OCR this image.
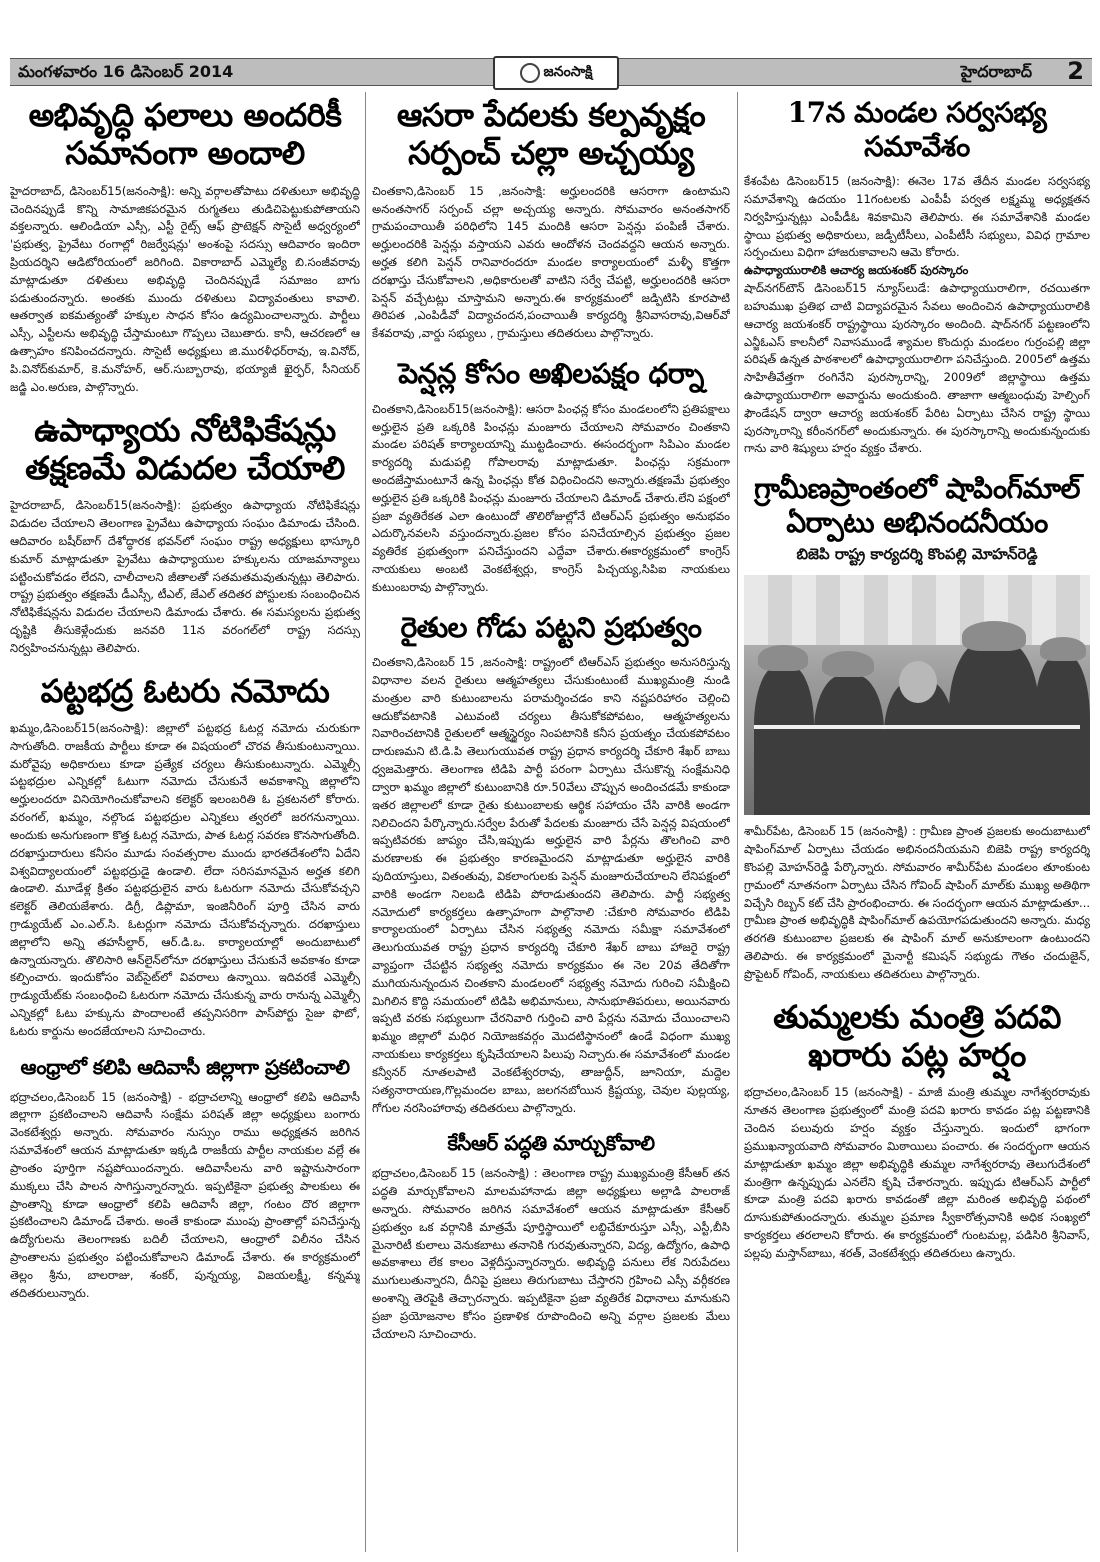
మంగళవారం 16 డిసెంబర్ 2014	హైదరాబాద్ 2
జనంసాక్షి
అభివృద్ధి ఫలాలు అందరికీ సమానంగా అందాలి

హైదరాబాద్, డిసెంబర్15(జనంసాక్షి): అన్ని వర్గాలతోపాటు దళితులూ అభివృద్ధి చెందినప్పుడే కొన్ని సామాజికపరమైన రుగ్మతలు తుడిచిపెట్టుకుపోతాయని వక్తలన్నారు. ఆలిండియా ఎస్సీ, ఎస్టీ రైట్స్ ఆఫ్ ప్రొటెక్షన్ సొసైటీ అధ్వర్యంలో 'ప్రభుత్వ, ప్రైవేటు రంగాల్లో రిజర్వేషన్లు' అంశంపై సదస్సు ఆదివారం ఇందిరా ప్రియదర్శిని ఆడిటోరియంలో జరిగింది. వికారాబాద్ ఎమ్మెల్యే బి.సంజీవరావు మాట్లాడుతూ దళితులు అభివృద్ధి చెందినప్పుడే సమాజం బాగు పడుతుందన్నారు. అంతకు ముందు దళితులు విద్యావంతులు కావాలి. ఆతర్వాత ఐకమత్యంతో హక్కుల సాధన కోసం ఉద్యమించాలన్నారు. పార్టీలు ఎస్సీ, ఎస్టీలను అభివృద్ధి చేస్తామంటూ గొప్పలు చెబుతారు. కానీ, ఆచరణలో ఆ ఉత్సాహం కనిపించదన్నారు. సొసైటీ అధ్యక్షులు జి.మురళీధర్‌రావు, ఇ.వినోద్, పి.వినోద్‌కుమార్, కె.మనోహర్, ఆర్.సుబ్బారావు, భయ్యాజీ ఖైర్ఫర్, సీనియర్ జడ్జి ఎం.అరుణ, పాల్గొన్నారు.

ఉపాధ్యాయ నోటిఫికేషన్లు తక్షణమే విడుదల చేయాలి

హైదరాబాద్, డిసెంబర్15(జనంసాక్షి): ప్రభుత్వం ఉపాధ్యాయ నోటిఫికేషన్లు విడుదల చేయాలని తెలంగాణ ప్రైవేటు ఉపాధ్యాయ సంఘం డిమాండు చేసింది. ఆదివారం బషీర్‌బాగ్ దేశోద్ధారక భవన్‌లో సంఘం రాష్ట్ర అధ్యక్షులు భాస్కూరి కుమార్ మాట్లాడుతూ ప్రైవేటు ఉపాధ్యాయుల హక్కులను యాజమాన్యాలు పట్టించుకోవడం లేదని, చాలీచాలని జీతాలతో సతమతమవుతున్నట్లు తెలిపారు. రాష్ట్ర ప్రభుత్వం తక్షణమే డీఎస్సీ, టీఎల్, జేఎల్ తదితర పోస్టులకు సంబంధించిన నోటిఫికేషన్లను విడుదల చేయాలని డిమాండు చేశారు. ఈ సమస్యలను ప్రభుత్వ దృష్టికి తీసుకెళ్లేందుకు జనవరి 11న వరంగల్‌లో రాష్ట్ర సదస్సు నిర్వహించనున్నట్లు తెలిపారు.

పట్టభద్ర ఓటరు నమోదు

ఖమ్మం,డిసెంబర్15(జనంసాక్షి): జిల్లాలో పట్టభద్ర ఓటర్ల నమోదు చురుకుగా సాగుతోంది. రాజకీయ పార్టీలు కూడా ఈ విషయంలో చొరవ తీసుకుంటున్నాయి. మరోవైపు అధికారులు కూడా ప్రత్యేక చర్యలు తీసుకుంటున్నారు. ఎమ్మెల్సీ పట్టభద్రుల ఎన్నికల్లో ఓటుగా నమోదు చేసుకునే అవకాశాన్ని జిల్లాలోని అర్హులందరూ వినియోగించుకోవాలని కలెక్టర్ ఇలంబరితి ఓ ప్రకటనలో కోరారు. వరంగల్, ఖమ్మం, నల్గొండ పట్టభద్రుల ఎన్నికలు త్వరలో జరగనున్నాయి. అందుకు అనుగుణంగా కొత్త ఓటర్ల నమోదు, పాత ఓటర్ల సవరణ కొనసాగుతోంది. దరఖాస్తుదారులు కనీసం మూడు సంవత్సరాల ముందు భారతదేశంలోని ఏదేని విశ్వవిద్యాలయంలో పట్టభద్రుడై ఉండాలి. లేదా సరిసమానమైన అర్హత కలిగి ఉండాలి. మూడేళ్ల క్రితం పట్టభద్రులైన వారు ఓటరుగా నమోదు చేసుకోవచ్చని కలెక్టర్ తెలియజేశారు. డిగ్రీ, డిప్లొమా, ఇంజినీరింగ్ పూర్తి చేసిన వారు గ్రాడ్యుయేట్ ఎం.ఎల్.సి. ఓటర్లుగా నమోదు చేసుకోవచ్చన్నారు. దరఖాస్తులు జిల్లాలోని అన్ని తహసీల్దార్, ఆర్.డి.ఒ. కార్యాలయాల్లో అందుబాటులో ఉన్నాయన్నారు. తొలిసారి ఆన్‌లైన్‌లోనూ దరఖాస్తులు చేసుకునే అవకాశం కూడా కల్పించారు. ఇందుకోసం వెబ్‌సైట్‌లో వివరాలు ఉన్నాయి. ఇదివరకే ఎమ్మెల్సీ గ్రాడ్యుయేట్‌కు సంబంధించి ఓటరుగా నమోదు చేసుకున్న వారు రానున్న ఎమ్మెల్సీ ఎన్నికల్లో ఓటు హక్కును పొందాలంటే తప్పనిసరిగా పాస్‌పోర్టు సైజు ఫొటో, ఓటరు కార్డును అందజేయాలని సూచించారు.

ఆంధ్రాలో కలిపి ఆదివాసీ జిల్లాగా ప్రకటించాలి

భద్రాచలం,డిసెంబర్ 15 (జనంసాక్షి) - భద్రాచలాన్ని ఆంధ్రాలో కలిపి ఆదివాసీ జిల్లాగా ప్రకటించాలని ఆదివాసీ సంక్షేమ పరిషత్ జిల్లా అధ్యక్షులు బంగారు వెంకటేశ్వర్లు అన్నారు. సోమవారం నుస్సుం రాము అధ్యక్షతన జరిగిన సమావేశంలో ఆయన మాట్లాడుతూ ఇక్కడి రాజకీయ పార్టీల నాయకుల వల్లే ఈ ప్రాంతం పూర్తిగా నష్టపోయిందన్నారు. ఆదివాసీలను వారి ఇష్టానుసారంగా ముక్కలు చేసి పాలన సాగిస్తున్నారన్నారు. ఇప్పటికైనా ప్రభుత్వ పాలకులు ఈ ప్రాంతాన్ని కూడా ఆంధ్రాలో కలిపి ఆదివాసీ జిల్లా, గంటం దొర జిల్లాగా ప్రకటించాలని డిమాండ్ చేశారు. అంతే కాకుండా ముంపు ప్రాంతాల్లో పనిచేస్తున్న ఉద్యోగులను తెలంగాణకు బదిలీ చేయాలని, ఆంధ్రాలో విలీనం చేసిన ప్రాంతాలను ప్రభుత్వం పట్టించుకోవాలని డిమాండ్ చేశారు. ఈ కార్యక్రమంలో తెల్లం శ్రీను, బాలరాజు, శంకర్, పున్నయ్య, విజయలక్ష్మీ, కన్నమ్మ తదితరులున్నారు.

ఆసరా పేదలకు కల్పవృక్షం సర్పంచ్ చల్లా అచ్చయ్య

చింతకాని,డిసెంబర్ 15 ,జనంసాక్షి: అర్హులందరికి ఆసరాగా ఉంటామని అనంతసాగర్ సర్పంచ్ చల్లా అచ్చయ్య అన్నారు. సోమవారం అనంతసాగర్ గ్రామపంచాయితీ పరిధిలోని 145 మందికి ఆసరా పెన్షన్లు పంపిణీ చేశారు. అర్హులందరికి పెన్షన్లు వస్తాయని ఎవరు ఆందోళన చెందవద్దని ఆయన అన్నారు. అర్హత కలిగి పెన్షన్ రానివారందరూ మండల కార్యాలయంలో మళ్ళీ కొత్తగా దరఖాస్తు చేసుకోవాలని ,అధికారులతో వాటిని సర్వే చేపట్టి, అర్హులందరికి ఆసరా పెన్షన్ వచ్చేటట్లు చూస్తామని అన్నారు.ఈ కార్యక్రమంలో జడ్పిటిసి కూరపాటి తిరిపత ,ఎంపిడీవో విద్యాచందన,పంచాయితీ కార్యదర్శి శ్రీనివాసరావు,విఆర్‌వో కేశవరావు ,వార్డు సభ్యులు , గ్రామస్తులు తదితరులు పాల్గొన్నారు.

పెన్షన్ల కోసం అఖిలపక్షం ధర్నా

చింతకాని,డిసెంబర్15(జనంసాక్షి): ఆసరా పింఛన్ల కోసం మండలంలోని ప్రతిపక్షాలు అర్హులైన ప్రతి ఒక్కరికి పింఛన్లు మంజూరు చేయాలని సోమవారం చింతకాని మండల పరిషత్ కార్యాలయాన్ని ముట్టడించారు. ఈసందర్భంగా సిపిఎం మండల కార్యదర్శి మడుపల్లి గోపాలరావు మాట్లాడుతూ. పింఛన్లు సక్రమంగా అందజేస్తామంటూనే ఉన్న పింఛన్లు కోత విధించిందని అన్నారు.తక్షణమే ప్రభుత్వం అర్హులైన ప్రతి ఒక్కరికి పింఛన్లు మంజూరు చేయాలని డిమాండ్ చేశారు.లేని పక్షంలో ప్రజా వ్యతిరేకత ఎలా ఉంటుందో తొలిరోజుల్లోనే టిఆర్ఎస్ ప్రభుత్వం అనుభవం ఎదుర్కొనవలసి వస్తుందన్నారు.ప్రజల కోసం పనిచేయాల్సిన ప్రభుత్వం ప్రజల వ్యతిరేక ప్రభుత్వంగా పనిచేస్తుందని ఎద్దేవా చేశారు.ఈకార్యక్రమంలో కాంగ్రెస్ నాయకులు అంబటి వెంకటేశ్వర్లు, కాంగ్రెస్ పిచ్చయ్య,సిపిఐ నాయకులు కుటుంబరావు పాల్గొన్నారు.

రైతుల గోడు పట్టని ప్రభుత్వం

చింతకాని,డిసెంబర్ 15 ,జనంసాక్షి: రాష్ట్రంలో టిఆర్ఎస్ ప్రభుత్వం అనుసరిస్తున్న విధానాల వలన రైతులు ఆత్మహత్యలు చేసుకుంటుంటే ముఖ్యమంత్రి నుండి మంత్రుల వారి కుటుంబాలను పరామర్శించడం కాని నష్టపరిహారం చెల్లించి ఆదుకోవటానికి ఎటువంటి చర్యలు తీసుకోకపోవటం, ఆత్మహత్యలను నివారించటానికి రైతులలో ఆత్మస్థైర్యం నింపటానికి కనీస ప్రయత్నం చేయకపోవటం దారుణమని టి.డి.పి తెలుగుయువత రాష్ట్ర ప్రధాన కార్యదర్శి చేకూరి శేఖర్ బాబు ధ్వజమెత్తారు. తెలంగాణ టిడిపి పార్టీ పరంగా ఏర్పాటు చేసుకొన్న సంక్షేమనిధి ద్వారా ఖమ్మం జిల్లాలో కుటుంబానికి రూ.50వేలు చొప్పున అందించడమే కాకుండా ఇతర జిల్లాలలో కూడా రైతు కుటుంబాలకు ఆర్థిక సహాయం చేసి వారికి అండగా నిలిచిందని పేర్కొన్నారు.సర్వేల పేరుతో పేదలకు మంజూరు చేసే పెన్షన్ల విషయంలో ఇప్పటివరకు జాప్యం చేసి,ఇప్పుడు అర్హులైన వారి పేర్లను తొలగించి వారి మరణాలకు ఈ ప్రభుత్వం కారణమైందని మాట్లాడుతూ అర్హులైన వారికి పుదియాస్తులు, వితంతువు, వికలాంగులకు పెన్షన్ మంజూరుచేయాలని లేనిపక్షంలో వారికి అండగా నిలబడి టిడిపి పోరాడుతుందని తెలిపారు. పార్టీ సభ్యత్వ నమోదులో కార్యకర్తలు ఉత్సాహంగా పాల్గొనాలి :చేకూరి సోమవారం టిడిపి కార్యాలయంలో ఏర్పాటు చేసిన సభ్యత్వ నమోదు సమీక్షా సమావేశంలో తెలుగుయువత రాష్ట్ర ప్రధాన కార్యదర్శి చేకూరి శేఖర్ బాబు హాజరై రాష్ట్ర వ్యాప్తంగా చేపట్టిన సభ్యత్వ నమోదు కార్యక్రమం ఈ నెల 20వ తేదితోగా ముగియనున్నందున చింతకాని మండలంలో సభ్యత్వ నమోదు గురించి సమీక్షించి మిగిలిన కొద్ది సమయంలో టిడిపి అభిమానులు, సానుభూతిపరులు, అయినవారు ఇప్పటి వరకు సభ్యులుగా చేరనివారి గుర్తించి వారి పేర్లను నమోదు చేయించాలని ఖమ్మం జిల్లాలో మధిర నియోజకవర్గం మొదటిస్థానంలో ఉండే విధంగా ముఖ్య నాయకులు కార్యకర్తలు కృషిచేయాలని పిలుపు నిచ్చారు.ఈ సమావేశంలో మండల కన్వీనర్ నూతలపాటి వెంకటేశ్వరరావు, తాజుద్దీన్, జూనియా, మద్దెల సత్యనారాయణ,గొల్లమందల బాబు, జలగనబోయిన క్రిష్టయ్య, చెవుల పుల్లయ్య, గోగుల నరసింహారావు తదితరులు పాల్గొన్నారు.

కేసీఆర్ పద్ధతి మార్చుకోవాలి

భద్రాచలం,డిసెంబర్ 15 (జనంసాక్షి) : తెలంగాణ రాష్ట్ర ముఖ్యమంత్రి కేసీఆర్ తన పద్ధతి మార్చుకోవాలని మాలమహానాడు జిల్లా అధ్యక్షులు అల్లాడి పాలరాజ్ అన్నారు. సోమవారం జరిగిన సమావేశంలో ఆయన మాట్లాడుతూ కేసీఆర్ ప్రభుత్వం ఒక వర్గానికి మాత్రమే పూర్తిస్థాయిలో లబ్ధిచేకూరుస్తూ ఎస్సీ, ఎస్టీ,బీసి మైనారిటీ కులాలు వెనుకబాటు తనానికి గురవుతున్నారని, విద్య, ఉద్యోగం, ఉపాధి అవకాశాలు లేక కాలం వెళ్లదీస్తున్నారన్నారు. అభివృద్ధి పనులు లేక నిరుపేదలు ముగులుతున్నారని, దీనిపై ప్రజలు తిరుగుబాటు చేస్తారని గ్రహించి ఎస్సీ వర్గీకరణ అంశాన్ని తెరపైకి తెచ్చారన్నారు. ఇప్పటికైనా ప్రజా వ్యతిరేక విధానాలు మానుకుని ప్రజా ప్రయోజనాల కోసం ప్రణాళిక రూపొందించి అన్ని వర్గాల ప్రజలకు మేలు చేయాలని సూచించారు.

17న మండల సర్వసభ్య సమావేశం

కేశంపేట డిసెంబర్15 (జనంసాక్షి): ఈనెల 17వ తేదీన మండల సర్వసభ్య సమావేశాన్ని ఉదయం 11గంటలకు ఎంపీపీ పర్వత లక్ష్మమ్మ అధ్యక్షతన నిర్వహిస్తున్నట్లు ఎంపీడీఓ శివకామిని తెలిపారు. ఈ సమావేశానికి మండల స్థాయి ప్రభుత్వ అధికారులు, జడ్పీటీసీలు, ఎంపీటీసీ సభ్యులు, వివిధ గ్రామాల సర్పంచులు విధిగా హాజరుకావాలని ఆమె కోరారు.

ఉపాధ్యాయురాలికి ఆచార్య జయశంకర్ పురస్కారం

షాద్‌నగర్‌టౌన్ డిసెంబర్15 న్యూస్‌లుడే: ఉపాధ్యాయురాలిగా, రచయితగా బహుముఖ ప్రతిభ చాటి విద్యాపరమైన సేవలు అందించిన ఉపాధ్యాయురాలికి ఆచార్య జయశంకర్ రాష్ట్రస్థాయి పురస్కారం అందింది. షాద్‌నగర్ పట్టణంలోని ఎన్జీఓఎస్ కాలనీలో నివాసముండే శ్యామల కొందుర్గు మండలం గుర్రంపల్లి జిల్లా పరిషత్ ఉన్నత పాఠశాలలో ఉపాధ్యాయురాలిగా పనిచేస్తుంది. 2005లో ఉత్తమ సాహితీవేత్తగా రంగినేని పురస్కారాన్ని, 2009లో జిల్లాస్థాయి ఉత్తమ ఉపాధ్యాయురాలిగా అవార్డును అందుకుంది. తాజాగా ఆత్మబంధువు హెల్పింగ్ ఫౌండేషన్ ద్వారా ఆచార్య జయశంకర్ పేరిట ఏర్పాటు చేసిన రాష్ట్ర స్థాయి పురస్కారాన్ని కరీంనగర్‌లో అందుకున్నారు. ఈ పురస్కారాన్ని అందుకున్నందుకు గాను వారి శిష్యులు హర్షం వ్యక్తం చేశారు.

గ్రామీణప్రాంతంలో షాపింగ్‌మాల్ ఏర్పాటు అభినందనీయం
బిజెపి రాష్ట్ర కార్యదర్శి కొంపల్లి మోహన్‌రెడ్డి

శామీర్‌పేట, డిసెంబర్ 15 (జనంసాక్షి) : గ్రామీణ ప్రాంత ప్రజలకు అందుబాటులో షాపింగ్‌మాల్ ఏర్పాటు చేయడం అభినందనీయమని బిజెపి రాష్ట్ర కార్యదర్శి కొంపల్లి మోహన్‌రెడ్డి పేర్కొన్నారు. సోమవారం శామీర్‌పేట మండలం తూంకుంట గ్రామంలో నూతనంగా ఏర్పాటు చేసిన గోవింద్ షాపింగ్ మాల్‌కు ముఖ్య అతిథిగా విచ్చేసి రిబ్బన్ కట్ చేసి ప్రారంభించారు. ఈ సందర్భంగా ఆయన మాట్లాడుతూ... గ్రామీణ ప్రాంత అభివృద్ధికి షాపింగ్‌మాల్ ఉపయోగపడుతుందని అన్నారు. మధ్య తరగతి కుటుంబాల ప్రజలకు ఈ షాపింగ్ మాల్ అనుకూలంగా ఉంటుందని తెలిపారు. ఈ కార్యక్రమంలో మైనార్టీ కమిషన్ సభ్యుడు గౌతం చందుజైన్, ప్రొపైటర్ గోవింద్, నాయకులు తదితరులు పాల్గొన్నారు.

తుమ్మలకు మంత్రి పదవి ఖరారు పట్ల హర్షం

భద్రాచలం,డిసెంబర్ 15 (జనంసాక్షి) - మాజీ మంత్రి తుమ్మల నాగేశ్వరరావుకు నూతన తెలంగాణ ప్రభుత్వంలో మంత్రి పదవి ఖరారు కావడం పట్ల పట్టణానికి చెందిన పలువురు హర్షం వ్యక్తం చేస్తున్నారు. ఇందులో భాగంగా ప్రముఖన్యాయవాది సోమవారం మిఠాయిలు పంచారు. ఈ సందర్భంగా ఆయన మాట్లాడుతూ ఖమ్మం జిల్లా అభివృద్ధికి తుమ్మల నాగేశ్వరరావు తెలుగుదేశంలో మంత్రిగా ఉన్నప్పుడు ఎనలేని కృషి చేశారన్నారు. ఇప్పుడు టిఆర్ఎస్ పార్టీలో కూడా మంత్రి పదవి ఖరారు కావడంతో జిల్లా మరింత అభివృద్ధి పథంలో దూసుకుపోతుందన్నారు. తుమ్మల ప్రమాణ స్వీకారోత్సవానికి అధిక సంఖ్యలో కార్యకర్తలు తరలాలని కోరారు. ఈ కార్యక్రమంలో గుంటమల్ల, పడిసిరి శ్రీనివాస్, పల్లపు మస్తాన్‌బాబు, శరత్, వెంకటేశ్వర్లు తదితరులు ఉన్నారు.
